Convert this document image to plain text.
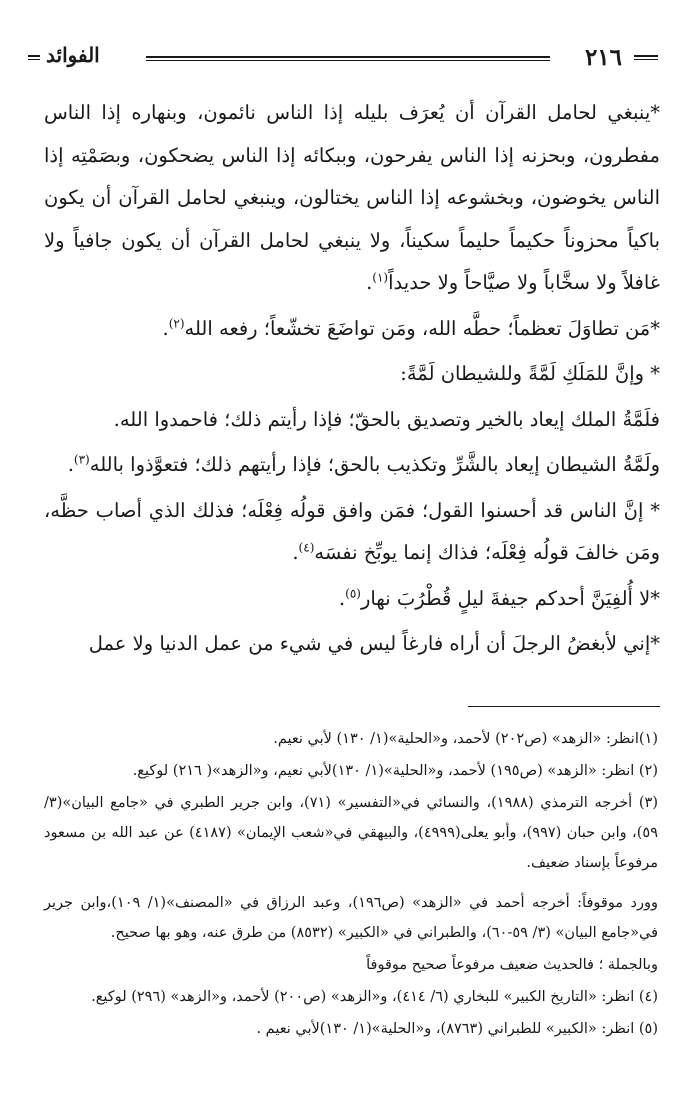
٢١٦
الفوائد

*ينبغي لحامل القرآن أن يُعرَف بليله إذا الناس نائمون، وبنهاره إذا الناس مفطرون، وبحزنه إذا الناس يفرحون، وببكائه إذا الناس يضحكون، وبصَمْتِه إذا الناس يخوضون، وبخشوعه إذا الناس يختالون، وينبغي لحامل القرآن أن يكون باكياً محزوناً حكيماً حليماً سكيناً، ولا ينبغي لحامل القرآن أن يكون جافياً ولا غافلاً ولا سخَّاباً ولا صيَّاحاً ولا حديداً$^{(١)}$.

*مَن تطاوَلَ تعظماً؛ حطَّه الله، ومَن تواضَعَ تخشّعاً؛ رفعه الله$^{(٢)}$.

* وإنَّ للمَلَكِ لَمَّةً وللشيطان لَمَّةً:

فلَمَّةُ الملك إيعاد بالخير وتصديق بالحقّ؛ فإذا رأيتم ذلك؛ فاحمدوا الله.

ولَمَّةُ الشيطان إيعاد بالشَّرِّ وتكذيب بالحق؛ فإذا رأيتهم ذلك؛ فتعوَّذوا بالله$^{(٣)}$.

* إنَّ الناس قد أحسنوا القول؛ فمَن وافق قولُه فِعْلَه؛ فذلك الذي أصاب حظَّه، ومَن خالفَ قولُه فِعْلَه؛ فذاك إنما يوبِّخ نفسَه$^{(٤)}$.

*لا أُلفِيَنَّ أحدكم جيفةَ ليلٍ قُطْرُبَ نهار$^{(٥)}$.

*إني لأبغضُ الرجلَ أن أراه فارغاً ليس في شيء من عمل الدنيا ولا عمل

(١)انظر: «الزهد» (ص٢٠٢) لأحمد، و«الحلية»(١/ ١٣٠) لأبي نعيم.

(٢) انظر: «الزهد» (ص١٩٥) لأحمد، و«الحلية»(١/ ١٣٠)لأبي نعيم، و«الزهد»( ٢١٦) لوكيع.

(٣) أخرجه الترمذي (١٩٨٨)، والنسائي في«التفسير» (٧١)، وابن جرير الطبري في «جامع البيان»(٣/ ٥٩)، وابن حبان (٩٩٧)، وأبو يعلى(٤٩٩٩)، والبيهقي في«شعب الإيمان» (٤١٨٧) عن عبد الله بن مسعود مرفوعاً بإسناد ضعيف.

وورد موقوفاً: أخرجه أحمد في «الزهد» (ص١٩٦)، وعبد الرزاق في «المصنف»(١/ ١٠٩)،وابن جرير في«جامع البيان» (٣/ ٥٩-٦٠)، والطبراني في «الكبير» (٨٥٣٢) من طرق عنه، وهو بها صحيح.

وبالجملة ؛ فالحديث ضعيف مرفوعاً صحيح موقوفاً

(٤) انظر: «التاريخ الكبير» للبخاري (٦/ ٤١٤)، و«الزهد» (ص٢٠٠) لأحمد، و«الزهد» (٢٩٦) لوكيع.

(٥) انظر: «الكبير» للطبراني (٨٧٦٣)، و«الحلية»(١/ ١٣٠)لأبي نعيم .
